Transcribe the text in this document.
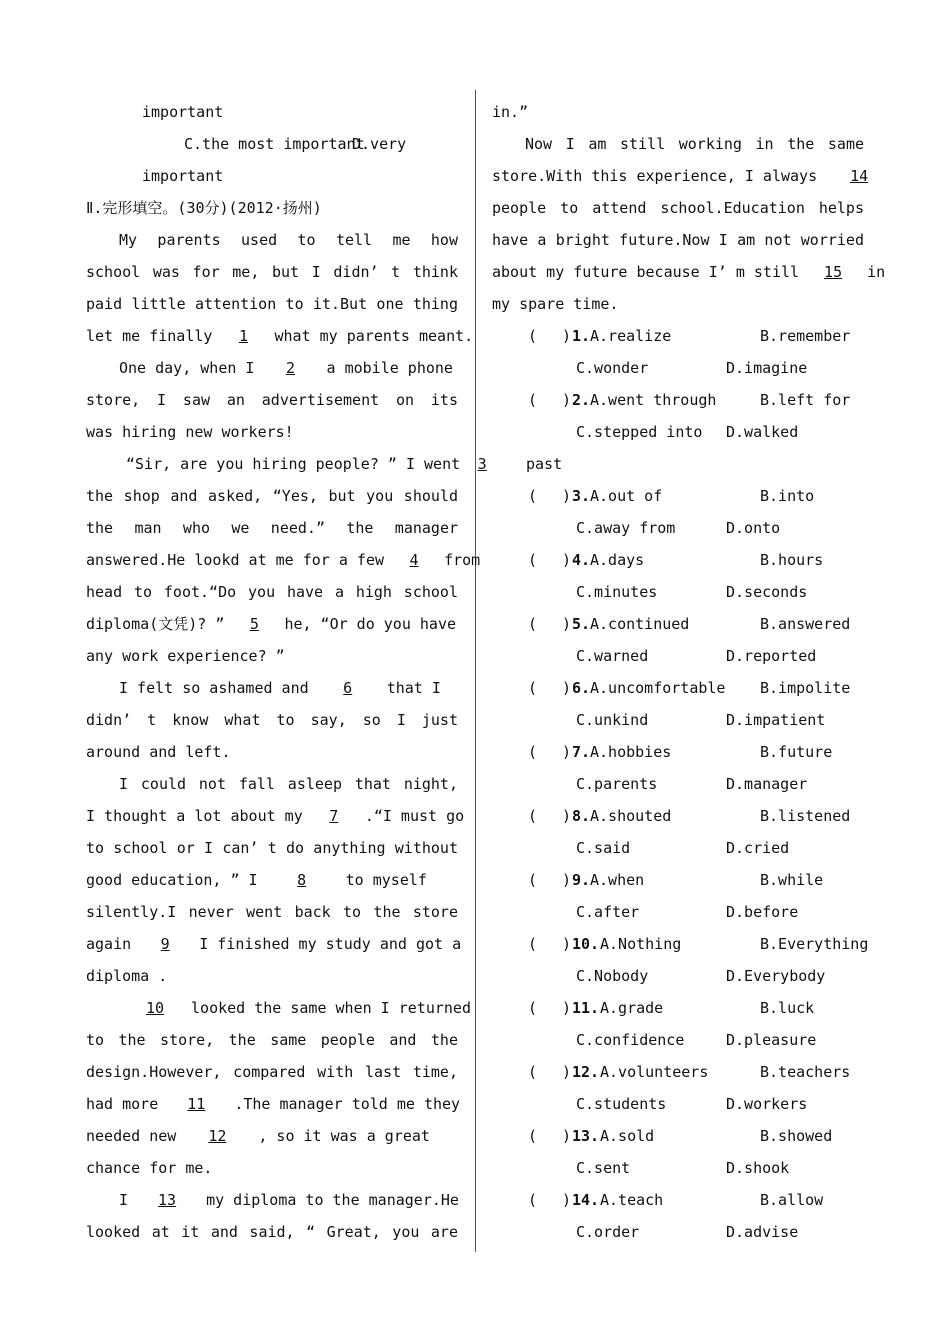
important
C.the most important
D.very
important
Ⅱ.完形填空。(30分)(2012·扬州)
My parents used to tell me how
school was for me, but I didn’ t think
paid little attention to it.But one thing
let me finally 1 what my parents meant.
One day, when I 2 a mobile phone
store, I saw an advertisement on its
was hiring new workers!
“Sir, are you hiring people? ” I went 3
the shop and asked, “Yes, but you should
the man who we need.” the manager
answered.He lookd at me for a few 4 from
head to foot.“Do you have a high school
diploma(文凭)? ” 5 he, “Or do you have
any work experience? ”
I felt so ashamed and 6 that I
didn’ t know what to say, so I just
around and left.
I could not fall asleep that night,
I thought a lot about my 7 .“I must go
to school or I can’ t do anything without
good education, ” I	8	to myself
silently.I never went back to the store
again 9 I finished my study and got a
diploma .
10 looked the same when I returned
to the store, the same people and the
design.However, compared with last time,
had more 11 .The manager told me they
needed new 12 , so it was a great
chance for me.
I 13 my diploma to the manager.He
looked at it and said, “ Great, you are
in.”
Now I am still working in the same
store.With this experience, I always 14
people to attend school.Education helps
have a bright future.Now I am not worried
about my future because I’ m still 15 in
my spare time.
( ) 1. A.realize	B.remember
C.wonder	D.imagine
( ) 2. A.went through	B.left for
C.stepped into D.walked
past
( ) 3. A.out of	B.into
C.away from	D.onto
( ) 4. A.days	B.hours
C.minutes	D.seconds
( ) 5. A.continued	B.answered
C.warned	D.reported
( ) 6. A.uncomfortable B.impolite
C.unkind	D.impatient
( ) 7. A.hobbies	B.future
C.parents	D.manager
( ) 8. A.shouted	B.listened
C.said	D.cried
( ) 9. A.when	B.while
C.after	D.before
( ) 10. A.Nothing	B.Everything
C.Nobody	D.Everybody
( ) 11. A.grade	B.luck
C.confidence	D.pleasure
( ) 12. A.volunteers	B.teachers
C.students	D.workers
( ) 13. A.sold	B.showed
C.sent	D.shook
( ) 14. A.teach	B.allow
C.order	D.advise
